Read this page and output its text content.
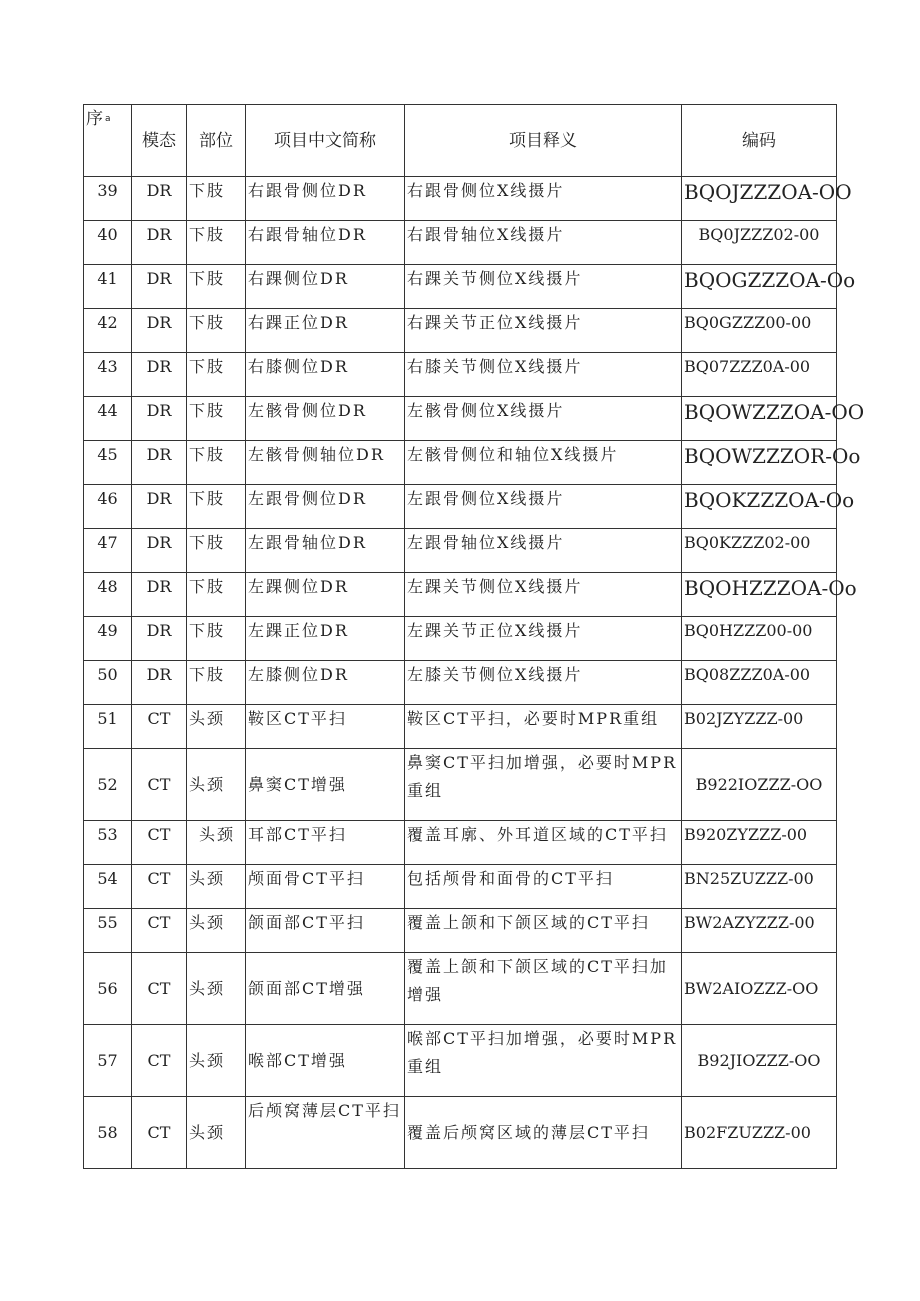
序 $^a$	模态	部位	项目中文简称	项目释义	编码
39	DR	下肢	右跟骨侧位DR	右跟骨侧位X线摄片	BQOJZZZOA-OO
40	DR	下肢	右跟骨轴位DR	右跟骨轴位X线摄片	BQ0JZZZ02-00
41	DR	下肢	右踝侧位DR	右踝关节侧位X线摄片	BQOGZZZOA-Oo
42	DR	下肢	右踝正位DR	右踝关节正位X线摄片	BQ0GZZZ00-00
43	DR	下肢	右膝侧位DR	右膝关节侧位X线摄片	BQ07ZZZ0A-00
44	DR	下肢	左骸骨侧位DR	左骸骨侧位X线摄片	BQOWZZZOA-OO
45	DR	下肢	左骸骨侧轴位DR	左骸骨侧位和轴位X线摄片	BQOWZZZOR-Oo
46	DR	下肢	左跟骨侧位DR	左跟骨侧位X线摄片	BQOKZZZOA-Oo
47	DR	下肢	左跟骨轴位DR	左跟骨轴位X线摄片	BQ0KZZZ02-00
48	DR	下肢	左踝侧位DR	左踝关节侧位X线摄片	BQOHZZZOA-Oo
49	DR	下肢	左踝正位DR	左踝关节正位X线摄片	BQ0HZZZ00-00
50	DR	下肢	左膝侧位DR	左膝关节侧位X线摄片	BQ08ZZZ0A-00
51	CT	头颈	鞍区CT平扫	鞍区CT平扫，必要时MPR重组	B02JZYZZZ-00
52	CT	头颈	鼻窦CT增强	鼻窦CT平扫加增强，必要时MPR重组	B922IOZZZ-OO
53	CT	头颈	耳部CT平扫	覆盖耳廓、外耳道区域的CT平扫	B920ZYZZZ-00
54	CT	头颈	颅面骨CT平扫	包括颅骨和面骨的CT平扫	BN25ZUZZZ-00
55	CT	头颈	颌面部CT平扫	覆盖上颌和下颌区域的CT平扫	BW2AZYZZZ-00
56	CT	头颈	颌面部CT增强	覆盖上颌和下颌区域的CT平扫加增强	BW2AIOZZZ-OO
57	CT	头颈	喉部CT增强	喉部CT平扫加增强，必要时MPR重组	B92JIOZZZ-OO
58	CT	头颈	后颅窝薄层CT平扫	覆盖后颅窝区域的薄层CT平扫	B02FZUZZZ-00
